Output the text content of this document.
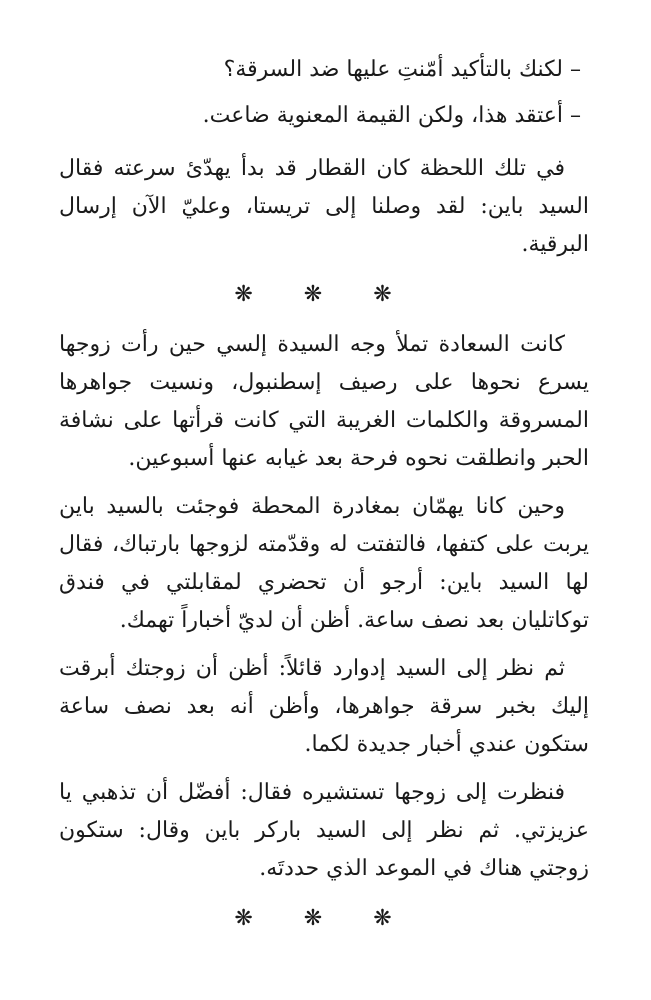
– لكنك بالتأكيد أمّنتِ عليها ضد السرقة؟

– أعتقد هذا، ولكن القيمة المعنوية ضاعت.

في تلك اللحظة كان القطار قد بدأ يهدّئ سرعته فقال السيد باين: لقد وصلنا إلى تريستا، وعليّ الآن إرسال البرقية.

❋ ❋ ❋

كانت السعادة تملأ وجه السيدة إلسي حين رأت زوجها يسرع نحوها على رصيف إسطنبول، ونسيت جواهرها المسروقة والكلمات الغريبة التي كانت قرأتها على نشافة الحبر وانطلقت نحوه فرحة بعد غيابه عنها أسبوعين.

وحين كانا يهمّان بمغادرة المحطة فوجئت بالسيد باين يربت على كتفها، فالتفتت له وقدّمته لزوجها بارتباك، فقال لها السيد باين: أرجو أن تحضري لمقابلتي في فندق توكاتليان بعد نصف ساعة. أظن أن لديّ أخباراً تهمك.

ثم نظر إلى السيد إدوارد قائلاً: أظن أن زوجتك أبرقت إليك بخبر سرقة جواهرها، وأظن أنه بعد نصف ساعة ستكون عندي أخبار جديدة لكما.

فنظرت إلى زوجها تستشيره فقال: أفضّل أن تذهبي يا عزيزتي. ثم نظر إلى السيد باركر باين وقال: ستكون زوجتي هناك في الموعد الذي حددتَه.

❋ ❋ ❋
